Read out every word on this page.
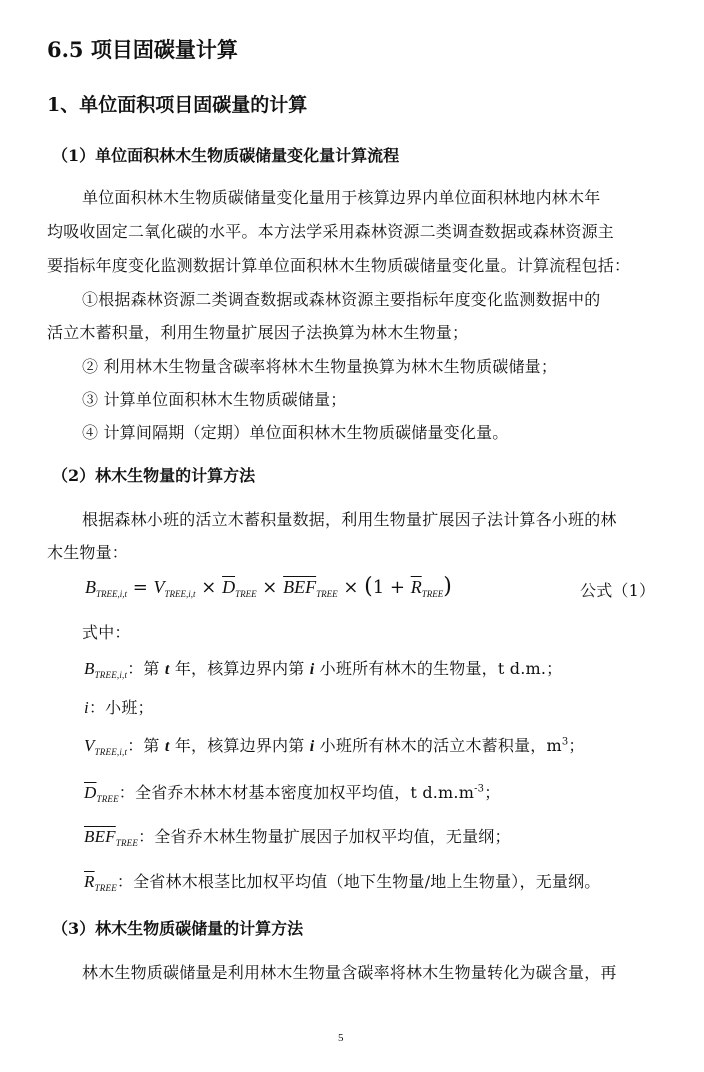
6.5 项目固碳量计算
1、单位面积项目固碳量的计算
（1）单位面积林木生物质碳储量变化量计算流程
单位面积林木生物质碳储量变化量用于核算边界内单位面积林地内林木年
均吸收固定二氧化碳的水平。本方法学采用森林资源二类调查数据或森林资源主
要指标年度变化监测数据计算单位面积林木生物质碳储量变化量。计算流程包括：
①根据森林资源二类调查数据或森林资源主要指标年度变化监测数据中的
活立木蓄积量，利用生物量扩展因子法换算为林木生物量；
② 利用林木生物量含碳率将林木生物量换算为林木生物质碳储量；
③ 计算单位面积林木生物质碳储量；
④ 计算间隔期（定期）单位面积林木生物质碳储量变化量。
（2）林木生物量的计算方法
根据森林小班的活立木蓄积量数据，利用生物量扩展因子法计算各小班的林
木生物量：
$B_{TREE,i,t} = V_{TREE,i,t} \times \overline{D}_{TREE} \times \overline{BEF}_{TREE} \times (1 + \overline{R}_{TREE})$	公式（1）
式中：
$B_{TREE,i,t}$：第 t 年，核算边界内第 i 小班所有林木的生物量，t d.m.；
i：小班；
$V_{TREE,i,t}$：第 t 年，核算边界内第 i 小班所有林木的活立木蓄积量，$m^3$；
$\overline{D}_{TREE}$：全省乔木林木材基本密度加权平均值，t $d.m.m^{-3}$；
$\overline{BEF}_{TREE}$：全省乔木林生物量扩展因子加权平均值，无量纲；
$\overline{R}_{TREE}$：全省林木根茎比加权平均值（地下生物量/地上生物量），无量纲。
（3）林木生物质碳储量的计算方法
林木生物质碳储量是利用林木生物量含碳率将林木生物量转化为碳含量，再
5
